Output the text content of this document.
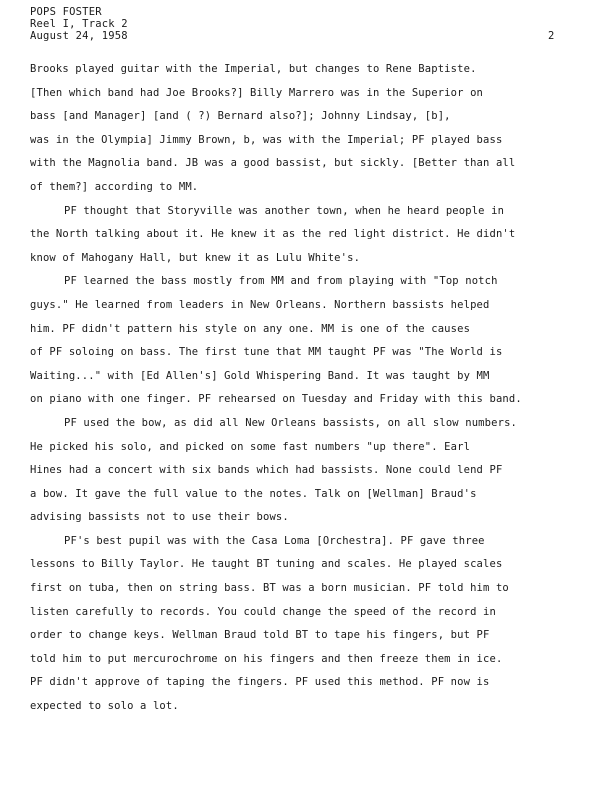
POPS FOSTER
Reel I, Track 2
August 24, 1958	2
Brooks played guitar with the Imperial, but changes to Rene Baptiste.
[Then which band had Joe Brooks?] Billy Marrero was in the Superior on
bass [and Manager] [and ( ?) Bernard also?]; Johnny Lindsay, [b],
was in the Olympia] Jimmy Brown, b, was with the Imperial; PF played bass
with the Magnolia band. JB was a good bassist, but sickly. [Better than all
of them?] according to MM.
PF thought that Storyville was another town, when he heard people in
the North talking about it. He knew it as the red light district. He didn't
know of Mahogany Hall, but knew it as Lulu White's.
PF learned the bass mostly from MM and from playing with "Top notch
guys." He learned from leaders in New Orleans. Northern bassists helped
him. PF didn't pattern his style on any one. MM is one of the causes
of PF soloing on bass. The first tune that MM taught PF was "The World is
Waiting..." with [Ed Allen's] Gold Whispering Band. It was taught by MM
on piano with one finger. PF rehearsed on Tuesday and Friday with this band.
PF used the bow, as did all New Orleans bassists, on all slow numbers.
He picked his solo, and picked on some fast numbers "up there". Earl
Hines had a concert with six bands which had bassists. None could lend PF
a bow. It gave the full value to the notes. Talk on [Wellman] Braud's
advising bassists not to use their bows.
PF's best pupil was with the Casa Loma [Orchestra]. PF gave three
lessons to Billy Taylor. He taught BT tuning and scales. He played scales
first on tuba, then on string bass. BT was a born musician. PF told him to
listen carefully to records. You could change the speed of the record in
order to change keys. Wellman Braud told BT to tape his fingers, but PF
told him to put mercurochrome on his fingers and then freeze them in ice.
PF didn't approve of taping the fingers. PF used this method. PF now is
expected to solo a lot.
